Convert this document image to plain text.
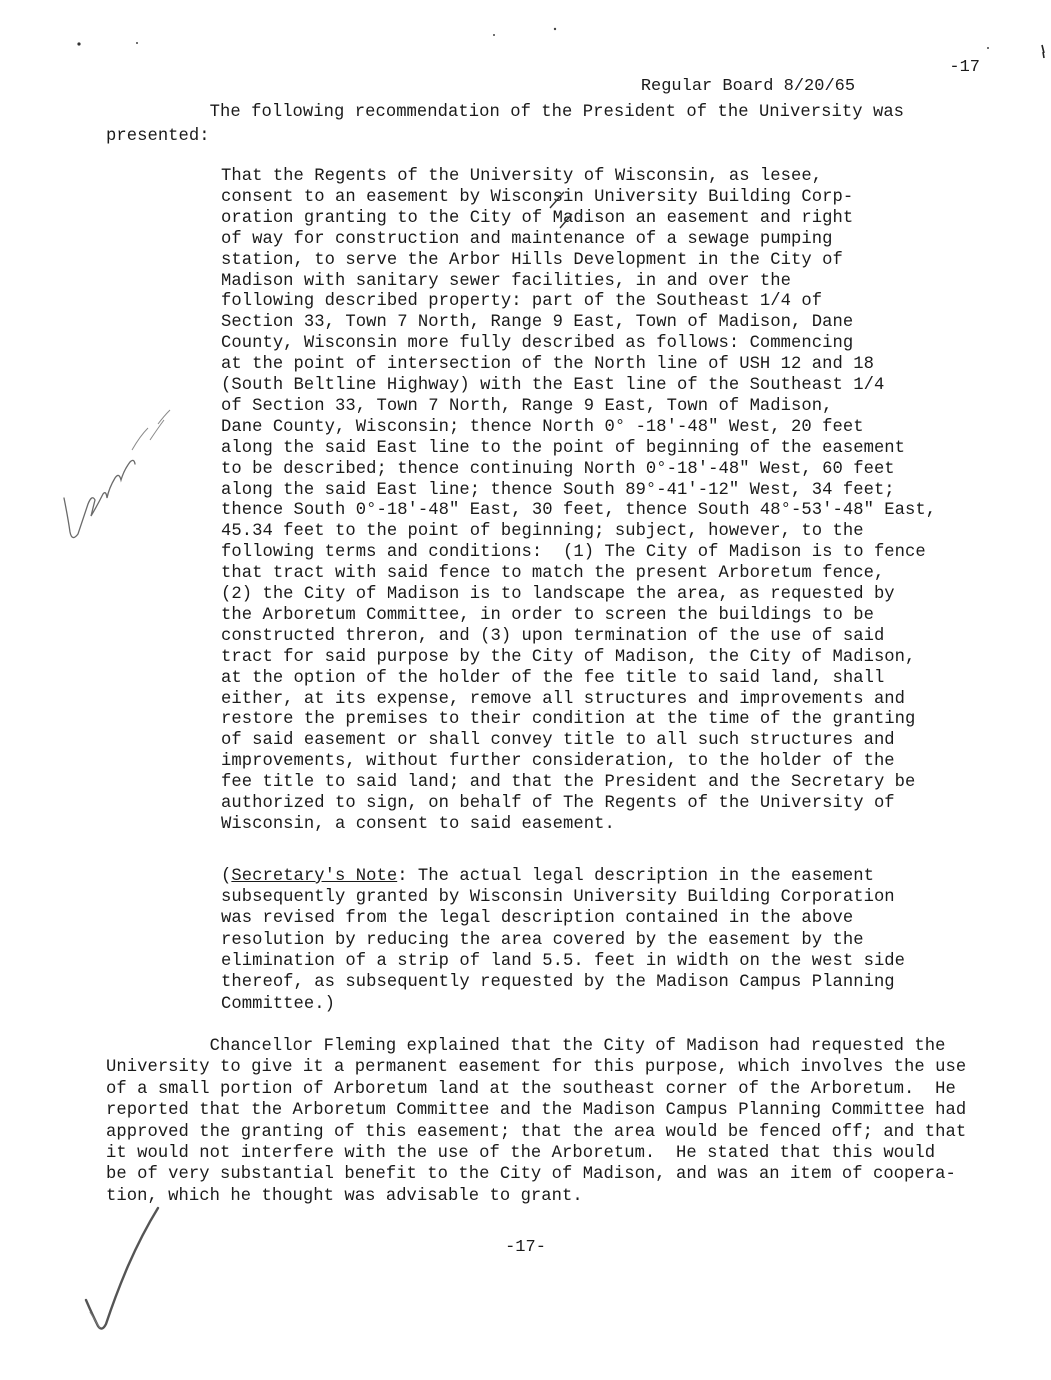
Regular Board 8/20/65

-17

The following recommendation of the President of the University was
presented:
That the Regents of the University of Wisconsin, as lesee,
consent to an easement by Wisconsin University Building Corp-
oration granting to the City of Madison an easement and right
of way for construction and maintenance of a sewage pumping
station, to serve the Arbor Hills Development in the City of
Madison with sanitary sewer facilities, in and over the
following described property: part of the Southeast 1/4 of
Section 33, Town 7 North, Range 9 East, Town of Madison, Dane
County, Wisconsin more fully described as follows: Commencing
at the point of intersection of the North line of USH 12 and 18
(South Beltline Highway) with the East line of the Southeast 1/4
of Section 33, Town 7 North, Range 9 East, Town of Madison,
Dane County, Wisconsin; thence North 0° -18'-48" West, 20 feet
along the said East line to the point of beginning of the easement
to be described; thence continuing North 0°-18'-48" West, 60 feet
along the said East line; thence South 89°-41'-12" West, 34 feet;
thence South 0°-18'-48" East, 30 feet, thence South 48°-53'-48" East,
45.34 feet to the point of beginning; subject, however, to the
following terms and conditions:  (1) The City of Madison is to fence
that tract with said fence to match the present Arboretum fence,
(2) the City of Madison is to landscape the area, as requested by
the Arboretum Committee, in order to screen the buildings to be
constructed threron, and (3) upon termination of the use of said
tract for said purpose by the City of Madison, the City of Madison,
at the option of the holder of the fee title to said land, shall
either, at its expense, remove all structures and improvements and
restore the premises to their condition at the time of the granting
of said easement or shall convey title to all such structures and
improvements, without further consideration, to the holder of the
fee title to said land; and that the President and the Secretary be
authorized to sign, on behalf of The Regents of the University of
Wisconsin, a consent to said easement.
(Secretary's Note: The actual legal description in the easement
subsequently granted by Wisconsin University Building Corporation
was revised from the legal description contained in the above
resolution by reducing the area covered by the easement by the
elimination of a strip of land 5.5. feet in width on the west side
thereof, as subsequently requested by the Madison Campus Planning
Committee.)
Chancellor Fleming explained that the City of Madison had requested the
University to give it a permanent easement for this purpose, which involves the use
of a small portion of Arboretum land at the southeast corner of the Arboretum.  He
reported that the Arboretum Committee and the Madison Campus Planning Committee had
approved the granting of this easement; that the area would be fenced off; and that
it would not interfere with the use of the Arboretum.  He stated that this would
be of very substantial benefit to the City of Madison, and was an item of coopera-
tion, which he thought was advisable to grant.
-17-
